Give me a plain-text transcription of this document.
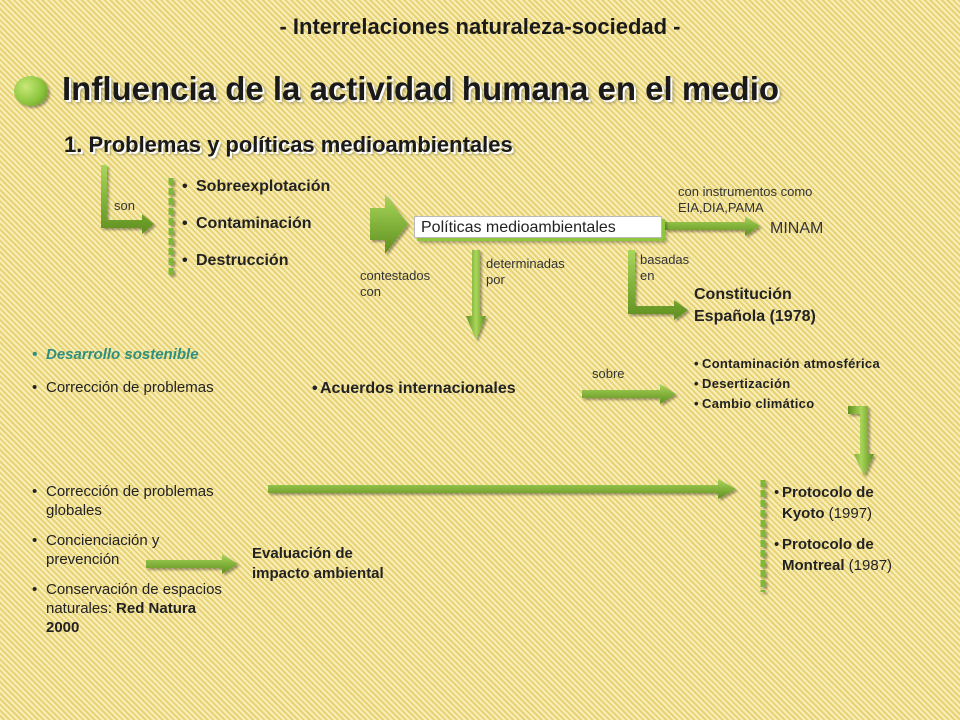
- Interrelaciones naturaleza-sociedad -
Influencia de la actividad humana en el medio
1. Problemas y políticas medioambientales
son
contestados
con
determinadas
por
con instrumentos como
EIA,DIA,PAMA
basadas
en
sobre
• Sobreexplotación
• Contaminación
• Destrucción
Políticas medioambientales	MINAM
Constitución
Española (1978)
• Desarrollo sostenible
• Corrección de problemas
•	Acuerdos internacionales
• Contaminación atmosférica
• Desertización
• Cambio climático
• Protocolo de
Kyoto (1997)
• Protocolo de
Montreal (1987)
• Corrección de problemas
globales
• Concienciación y
prevención
• Conservación de espacios
naturales: Red Natura
2000
Evaluación de
impacto ambiental
